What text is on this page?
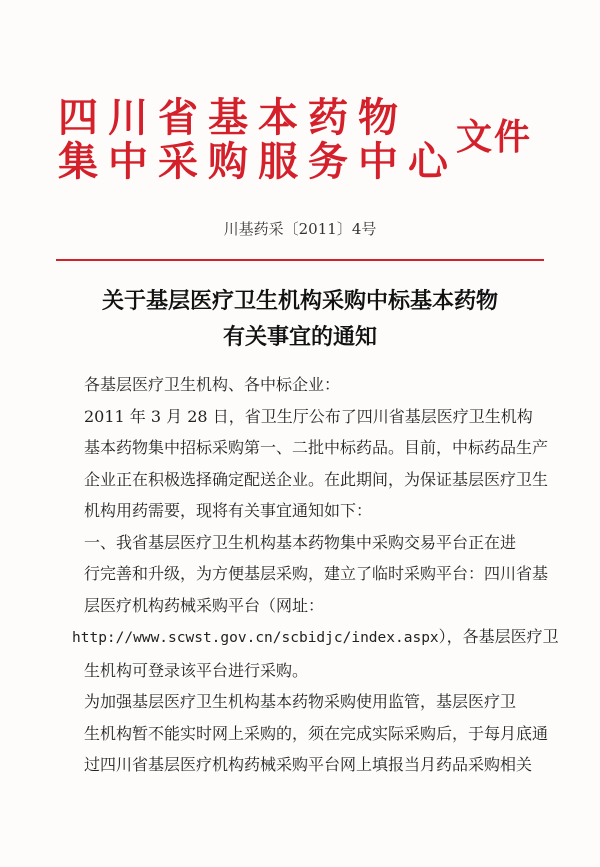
四川省基本药物
集中采购服务中心
文件
川基药采〔2011〕4号
关于基层医疗卫生机构采购中标基本药物
有关事宜的通知

各基层医疗卫生机构、各中标企业：

2011 年 3 月 28 日，省卫生厅公布了四川省基层医疗卫生机构

基本药物集中招标采购第一、二批中标药品。目前，中标药品生产

企业正在积极选择确定配送企业。在此期间，为保证基层医疗卫生

机构用药需要，现将有关事宜通知如下：

一、我省基层医疗卫生机构基本药物集中采购交易平台正在进

行完善和升级，为方便基层采购，建立了临时采购平台：四川省基

层医疗机构药械采购平台（网址：

http://www.scwst.gov.cn/scbidjc/index.aspx），各基层医疗卫

生机构可登录该平台进行采购。

为加强基层医疗卫生机构基本药物采购使用监管，基层医疗卫

生机构暂不能实时网上采购的，须在完成实际采购后，于每月底通

过四川省基层医疗机构药械采购平台网上填报当月药品采购相关
